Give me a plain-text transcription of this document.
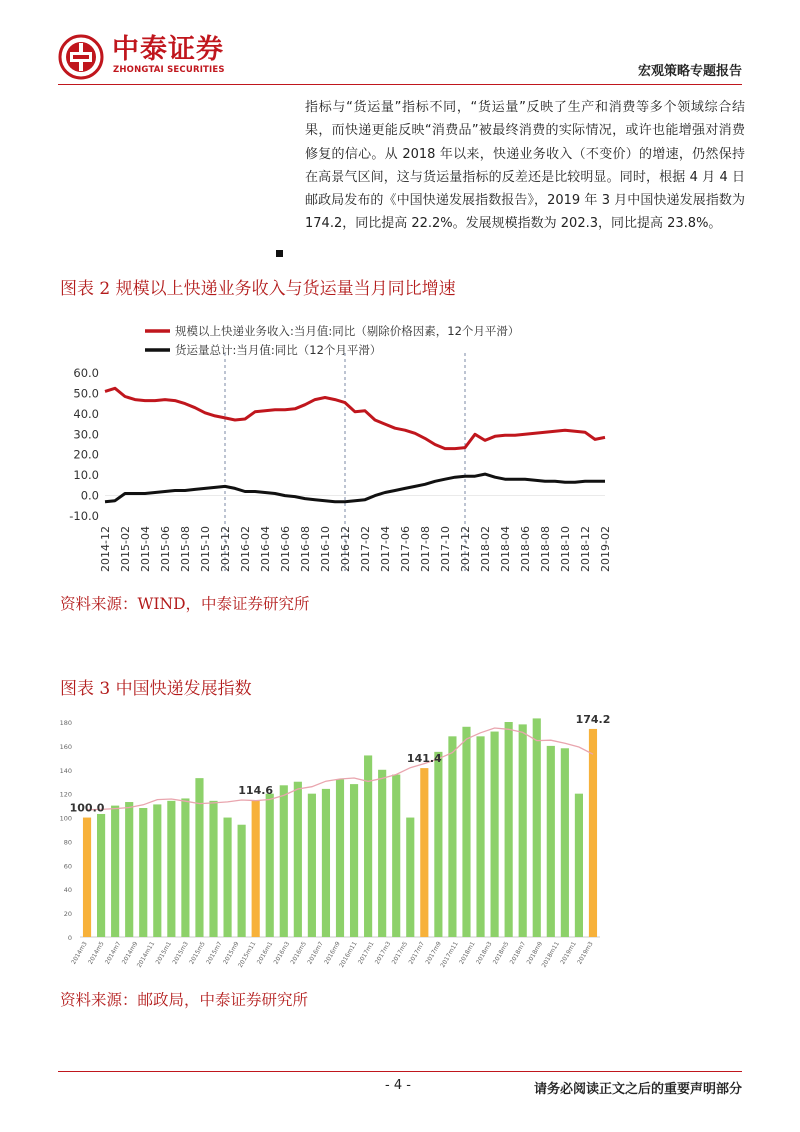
中泰证券
ZHONGTAI SECURITIES	宏观策略专题报告
指标与“货运量”指标不同，“货运量”反映了生产和消费等多个领域综合结果，而快递更能反映“消费品”被最终消费的实际情况，或许也能增强对消费修复的信心。从 2018 年以来，快递业务收入（不变价）的增速，仍然保持在高景气区间，这与货运量指标的反差还是比较明显。同时，根据 4 月 4 日邮政局发布的《中国快递发展指数报告》，2019 年 3 月中国快递发展指数为 174.2，同比提高 22.2%。发展规模指数为 202.3，同比提高 23.8%。
图表 2 规模以上快递业务收入与货运量当月同比增速
规模以上快递业务收入:当月值:同比（剔除价格因素，12个月平滑）
货运量总计:当月值:同比（12个月平滑）
60.0
50.0
40.0
30.0
20.0
10.0
0.0
-10.0
2014-12 2015-02 2015-04 2015-06 2015-08 2015-10 2015-12 2016-02 2016-04 2016-06 2016-08 2016-10 2016-12 2017-02 2017-04 2017-06 2017-08 2017-10 2017-12 2018-02 2018-04 2018-06 2018-08 2018-10 2018-12 2019-02
资料来源：WIND，中泰证券研究所
图表 3 中国快递发展指数
180
160
140
120
100
80
60
40
20
0
100.0
114.6
141.4
174.2
2014m3
2014m5
2014m7
2014m9
2014m11
2015m1
2015m3
2015m5
2015m7
2015m9
2015m11
2016m1
2016m3
2016m5
2016m7
2016m9
2016m11
2017m1
2017m3
2017m5
2017m7
2017m9
2017m11
2018m1
2018m3
2018m5
2018m7
2018m9
2018m11
2019m1
2019m3
资料来源：邮政局，中泰证券研究所
- 4 -	请务必阅读正文之后的重要声明部分
